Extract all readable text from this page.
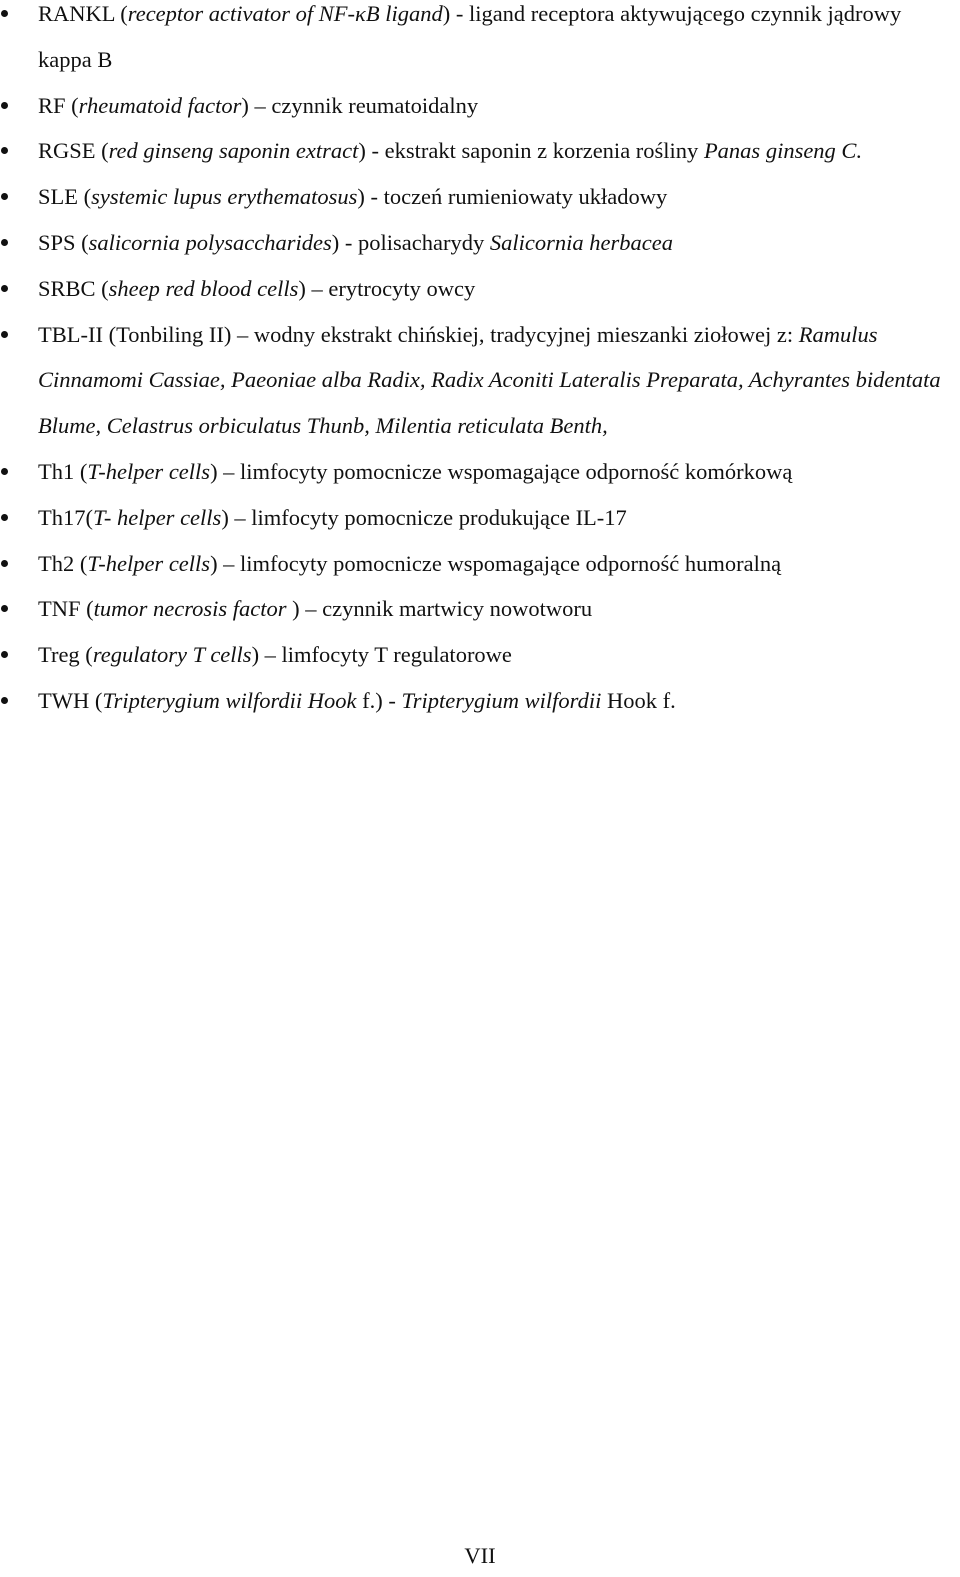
RANKL (receptor activator of NF-κB ligand) - ligand receptora aktywującego czynnik jądrowy kappa B
RF (rheumatoid factor) – czynnik reumatoidalny
RGSE (red ginseng saponin extract) - ekstrakt saponin z korzenia rośliny Panas ginseng C.
SLE (systemic lupus erythematosus) - toczeń rumieniowaty układowy
SPS (salicornia polysaccharides) - polisacharydy Salicornia herbacea
SRBC (sheep red blood cells) – erytrocyty owcy
TBL-II (Tonbiling II) – wodny ekstrakt chińskiej, tradycyjnej mieszanki ziołowej z: Ramulus Cinnamomi Cassiae, Paeoniae alba Radix, Radix Aconiti Lateralis Preparata, Achyrantes bidentata Blume, Celastrus orbiculatus Thunb, Milentia reticulata Benth,
Th1 (T-helper cells) – limfocyty pomocnicze wspomagające odporność komórkową
Th17(T- helper cells) – limfocyty pomocnicze produkujące IL-17
Th2 (T-helper cells) – limfocyty pomocnicze wspomagające odporność humoralną
TNF (tumor necrosis factor ) – czynnik martwicy nowotworu
Treg (regulatory T cells) – limfocyty T regulatorowe
TWH (Tripterygium wilfordii Hook f.) - Tripterygium wilfordii Hook f.
VII
